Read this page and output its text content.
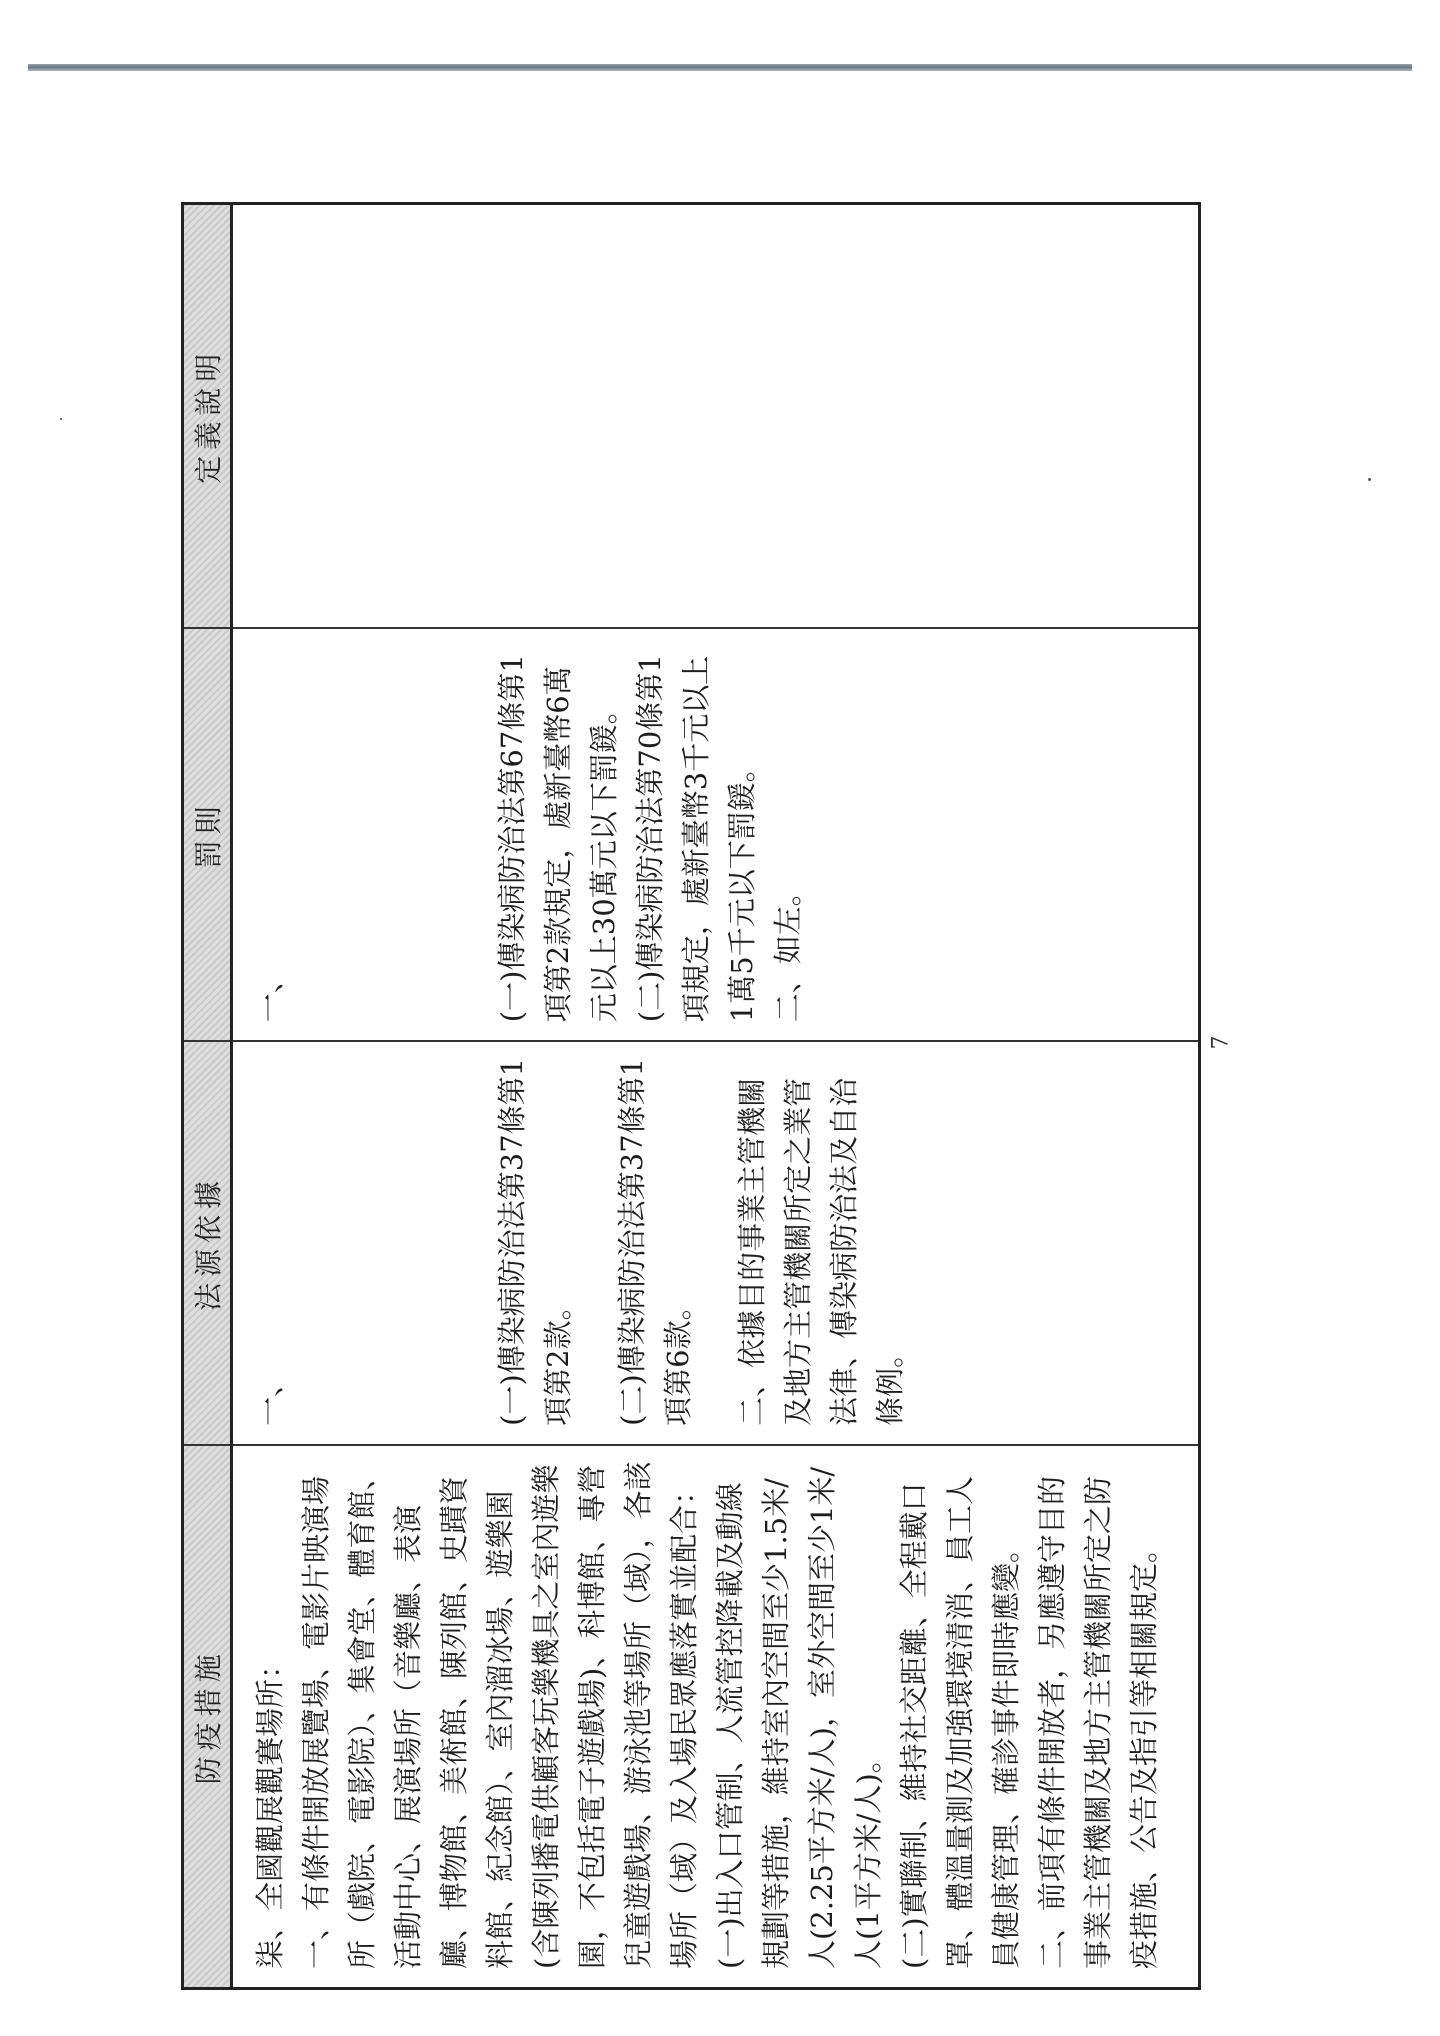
防疫措施
法源依據
罰則
定義說明

柒、全國觀展觀賽場所： 一、有條件開放展覽場、電影片映演場所（戲院、電影院）、集會堂、體育館、活動中心、展演場所（音樂廳、表演廳、博物館、美術館、陳列館、史蹟資料館、紀念館）、室內溜冰場、遊樂園(含陳列播電供顧客玩樂機具之室內遊樂園，不包括電子遊戲場)、科博館、專營兒童遊戲場、游泳池等場所（域），各該場所（域）及入場民眾應落實並配合： (一)出入口管制、人流管控降載及動線規劃等措施，維持室內空間至少1.5米/人(2.25平方米/人)，室外空間至少1米/人(1平方米/人)。 (二)實聯制、維持社交距離、全程戴口罩、體溫量測及加強環境清消、員工人員健康管理、確診事件即時應變。 二、前項有條件開放者，另應遵守目的事業主管機關及地方主管機關所定之防疫措施、公告及指引等相關規定。

一、	(一)傳染病防治法第37條第1項第2款。 (二)傳染病防治法第37條第1項第6款。 二、依據目的事業主管機關及地方主管機關所定之業管法律、傳染病防治法及自治條例。

一、	(一)傳染病防治法第67條第1項第2款規定，處新臺幣6萬元以上30萬元以下罰鍰。 (二)傳染病防治法第70條第1項規定，處新臺幣3千元以上1萬5千元以下罰鍰。 二、如左。

7
